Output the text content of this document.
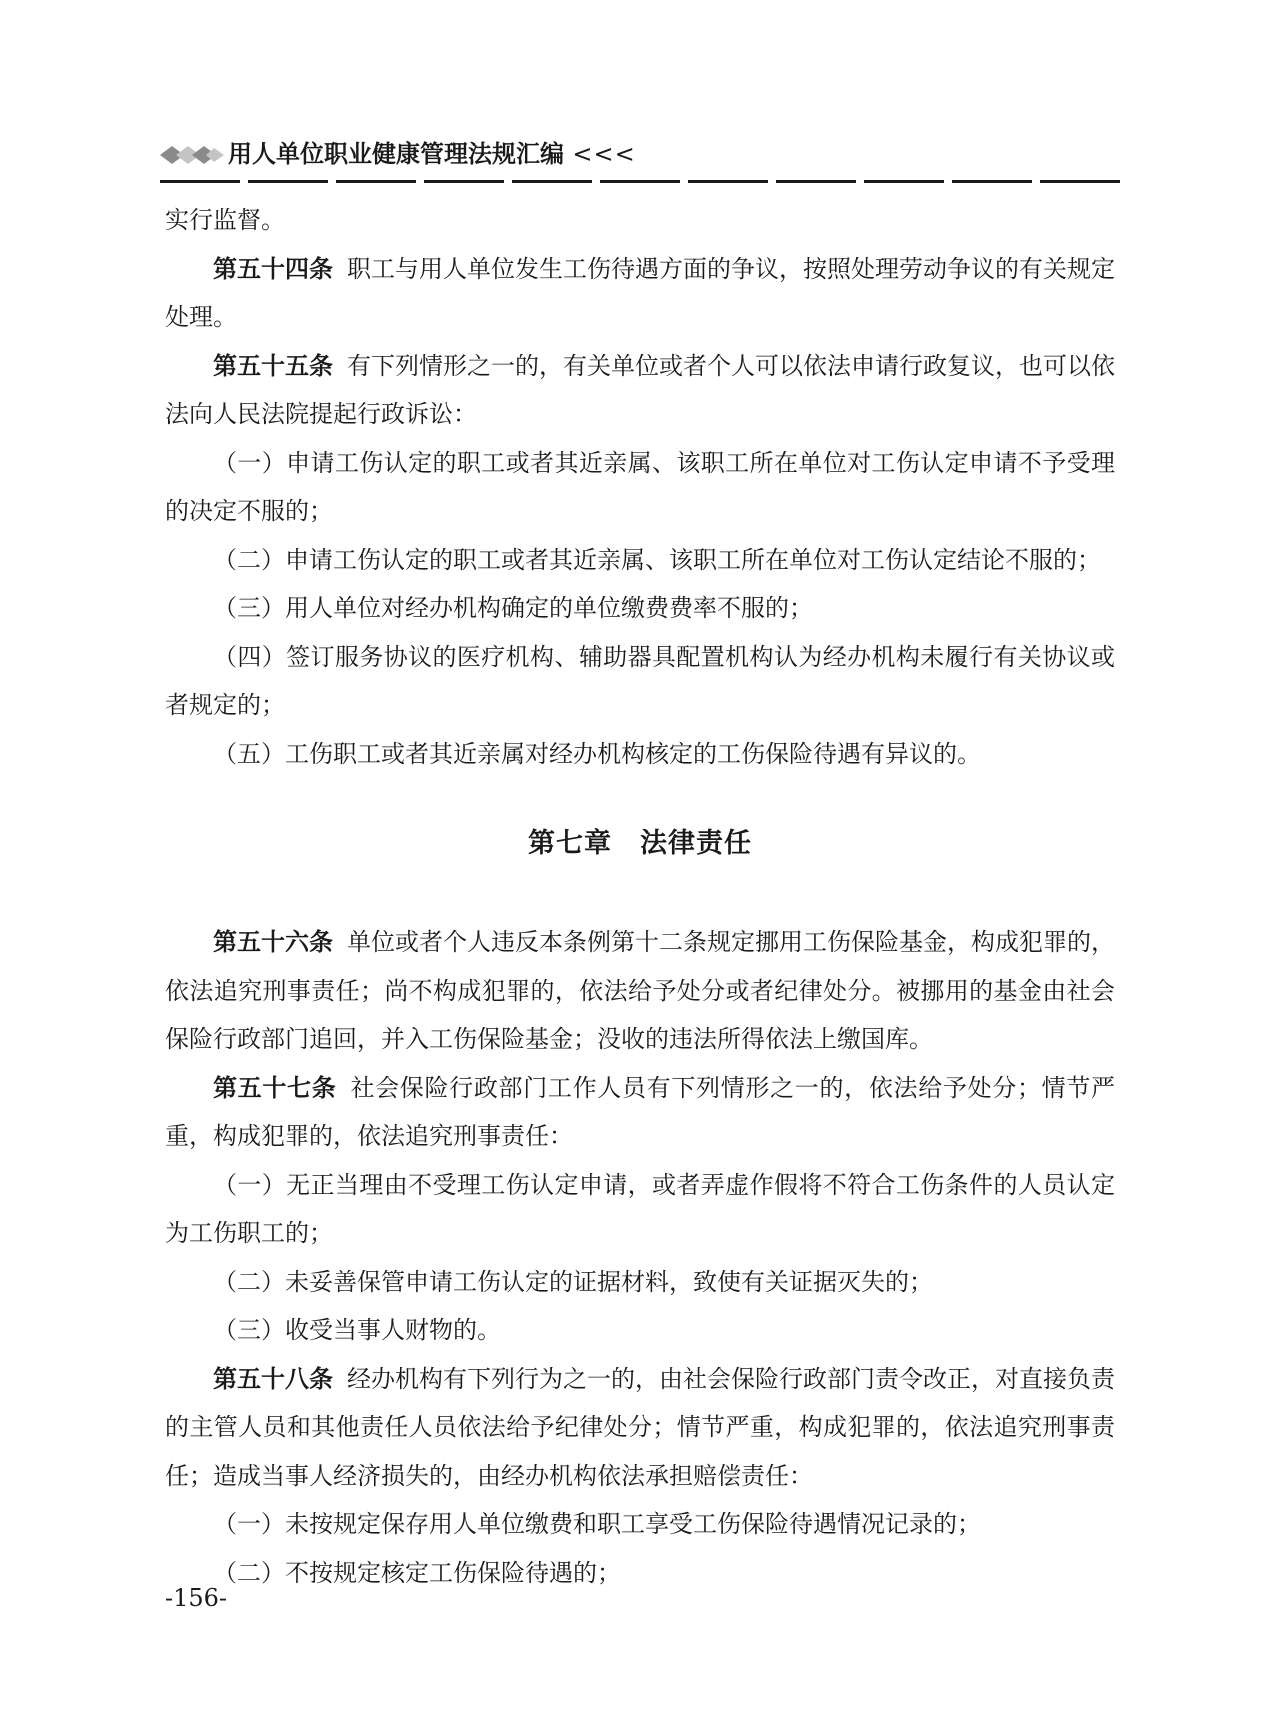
用人单位职业健康管理法规汇编 <<<

实行监督。

第五十四条 职工与用人单位发生工伤待遇方面的争议，按照处理劳动争议的有关规定处理。

第五十五条 有下列情形之一的，有关单位或者个人可以依法申请行政复议，也可以依法向人民法院提起行政诉讼：

（一）申请工伤认定的职工或者其近亲属、该职工所在单位对工伤认定申请不予受理的决定不服的；

（二）申请工伤认定的职工或者其近亲属、该职工所在单位对工伤认定结论不服的；

（三）用人单位对经办机构确定的单位缴费费率不服的；

（四）签订服务协议的医疗机构、辅助器具配置机构认为经办机构未履行有关协议或者规定的；

（五）工伤职工或者其近亲属对经办机构核定的工伤保险待遇有异议的。

第七章　法律责任

第五十六条 单位或者个人违反本条例第十二条规定挪用工伤保险基金，构成犯罪的，依法追究刑事责任；尚不构成犯罪的，依法给予处分或者纪律处分。被挪用的基金由社会保险行政部门追回，并入工伤保险基金；没收的违法所得依法上缴国库。

第五十七条 社会保险行政部门工作人员有下列情形之一的，依法给予处分；情节严重，构成犯罪的，依法追究刑事责任：

（一）无正当理由不受理工伤认定申请，或者弄虚作假将不符合工伤条件的人员认定为工伤职工的；

（二）未妥善保管申请工伤认定的证据材料，致使有关证据灭失的；

（三）收受当事人财物的。

第五十八条 经办机构有下列行为之一的，由社会保险行政部门责令改正，对直接负责的主管人员和其他责任人员依法给予纪律处分；情节严重，构成犯罪的，依法追究刑事责任；造成当事人经济损失的，由经办机构依法承担赔偿责任：

（一）未按规定保存用人单位缴费和职工享受工伤保险待遇情况记录的；

（二）不按规定核定工伤保险待遇的；

-156-
